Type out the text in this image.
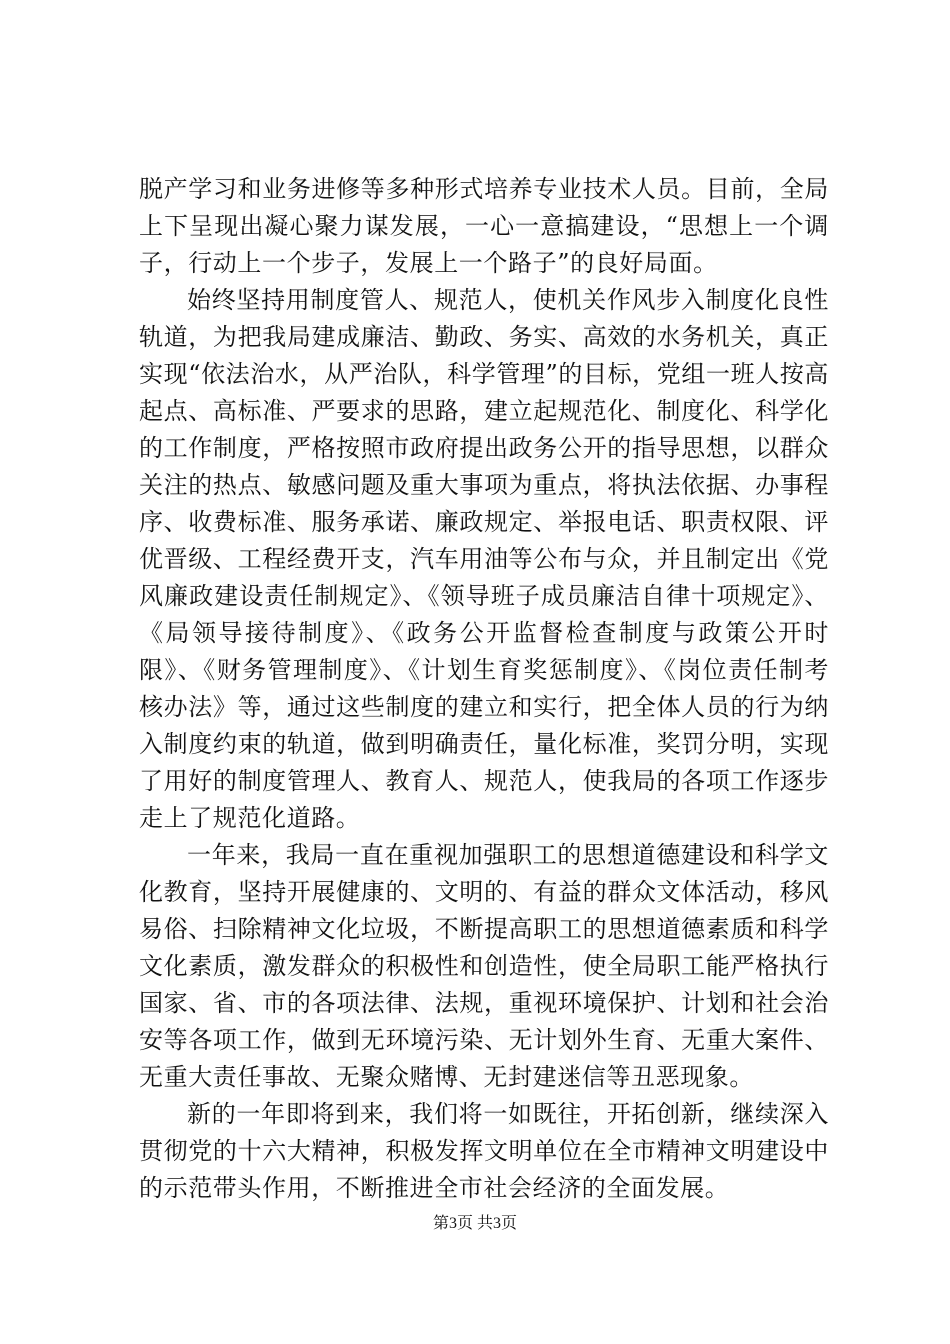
脱产学习和业务进修等多种形式培养专业技术人员。目前，全局上下呈现出凝心聚力谋发展，一心一意搞建设，“思想上一个调子，行动上一个步子，发展上一个路子”的良好局面。

始终坚持用制度管人、规范人，使机关作风步入制度化良性轨道，为把我局建成廉洁、勤政、务实、高效的水务机关，真正实现“依法治水，从严治队，科学管理”的目标，党组一班人按高起点、高标准、严要求的思路，建立起规范化、制度化、科学化的工作制度，严格按照市政府提出政务公开的指导思想，以群众关注的热点、敏感问题及重大事项为重点，将执法依据、办事程序、收费标准、服务承诺、廉政规定、举报电话、职责权限、评优晋级、工程经费开支，汽车用油等公布与众，并且制定出《党风廉政建设责任制规定》、《领导班子成员廉洁自律十项规定》、《局领导接待制度》、《政务公开监督检查制度与政策公开时限》、《财务管理制度》、《计划生育奖惩制度》、《岗位责任制考核办法》等，通过这些制度的建立和实行，把全体人员的行为纳入制度约束的轨道，做到明确责任，量化标准，奖罚分明，实现了用好的制度管理人、教育人、规范人，使我局的各项工作逐步走上了规范化道路。

一年来，我局一直在重视加强职工的思想道德建设和科学文化教育，坚持开展健康的、文明的、有益的群众文体活动，移风易俗、扫除精神文化垃圾，不断提高职工的思想道德素质和科学文化素质，激发群众的积极性和创造性，使全局职工能严格执行国家、省、市的各项法律、法规，重视环境保护、计划和社会治安等各项工作，做到无环境污染、无计划外生育、无重大案件、无重大责任事故、无聚众赌博、无封建迷信等丑恶现象。

新的一年即将到来，我们将一如既往，开拓创新，继续深入贯彻党的十六大精神，积极发挥文明单位在全市精神文明建设中的示范带头作用，不断推进全市社会经济的全面发展。

第3页 共3页
